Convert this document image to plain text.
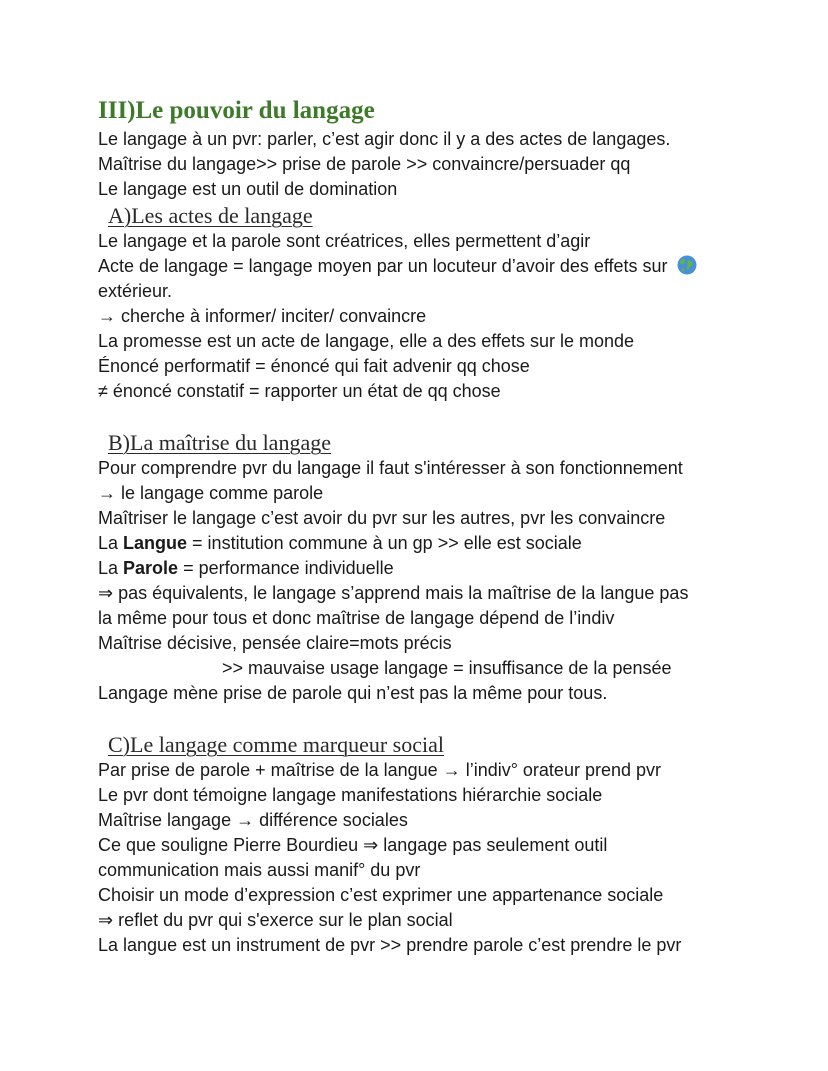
III)Le pouvoir du langage
Le langage à un pvr: parler, c’est agir donc il y a des actes de langages.
Maîtrise du langage>> prise de parole >> convaincre/persuader qq
Le langage est un outil de domination
A)Les actes de langage
Le langage et la parole sont créatrices, elles permettent d’agir
Acte de langage = langage moyen par un locuteur d’avoir des effets sur
extérieur.
→ cherche à informer/ inciter/ convaincre
La promesse est un acte de langage, elle a des effets sur le monde
Énoncé performatif = énoncé qui fait advenir qq chose
≠ énoncé constatif = rapporter un état de qq chose
B)La maîtrise du langage
Pour comprendre pvr du langage il faut s'intéresser à son fonctionnement
→ le langage comme parole
Maîtriser le langage c’est avoir du pvr sur les autres, pvr les convaincre
La Langue = institution commune à un gp >> elle est sociale
La Parole = performance individuelle
⇒ pas équivalents, le langage s’apprend mais la maîtrise de la langue pas
la même pour tous et donc maîtrise de langage dépend de l’indiv
Maîtrise décisive, pensée claire=mots précis
>> mauvaise usage langage = insuffisance de la pensée
Langage mène prise de parole qui n’est pas la même pour tous.
C)Le langage comme marqueur social
Par prise de parole + maîtrise de la langue → l’indiv° orateur prend pvr
Le pvr dont témoigne langage manifestations hiérarchie sociale
Maîtrise langage → différence sociales
Ce que souligne Pierre Bourdieu ⇒ langage pas seulement outil
communication mais aussi manif° du pvr
Choisir un mode d’expression c’est exprimer une appartenance sociale
⇒ reflet du pvr qui s'exerce sur le plan social
La langue est un instrument de pvr >> prendre parole c’est prendre le pvr
